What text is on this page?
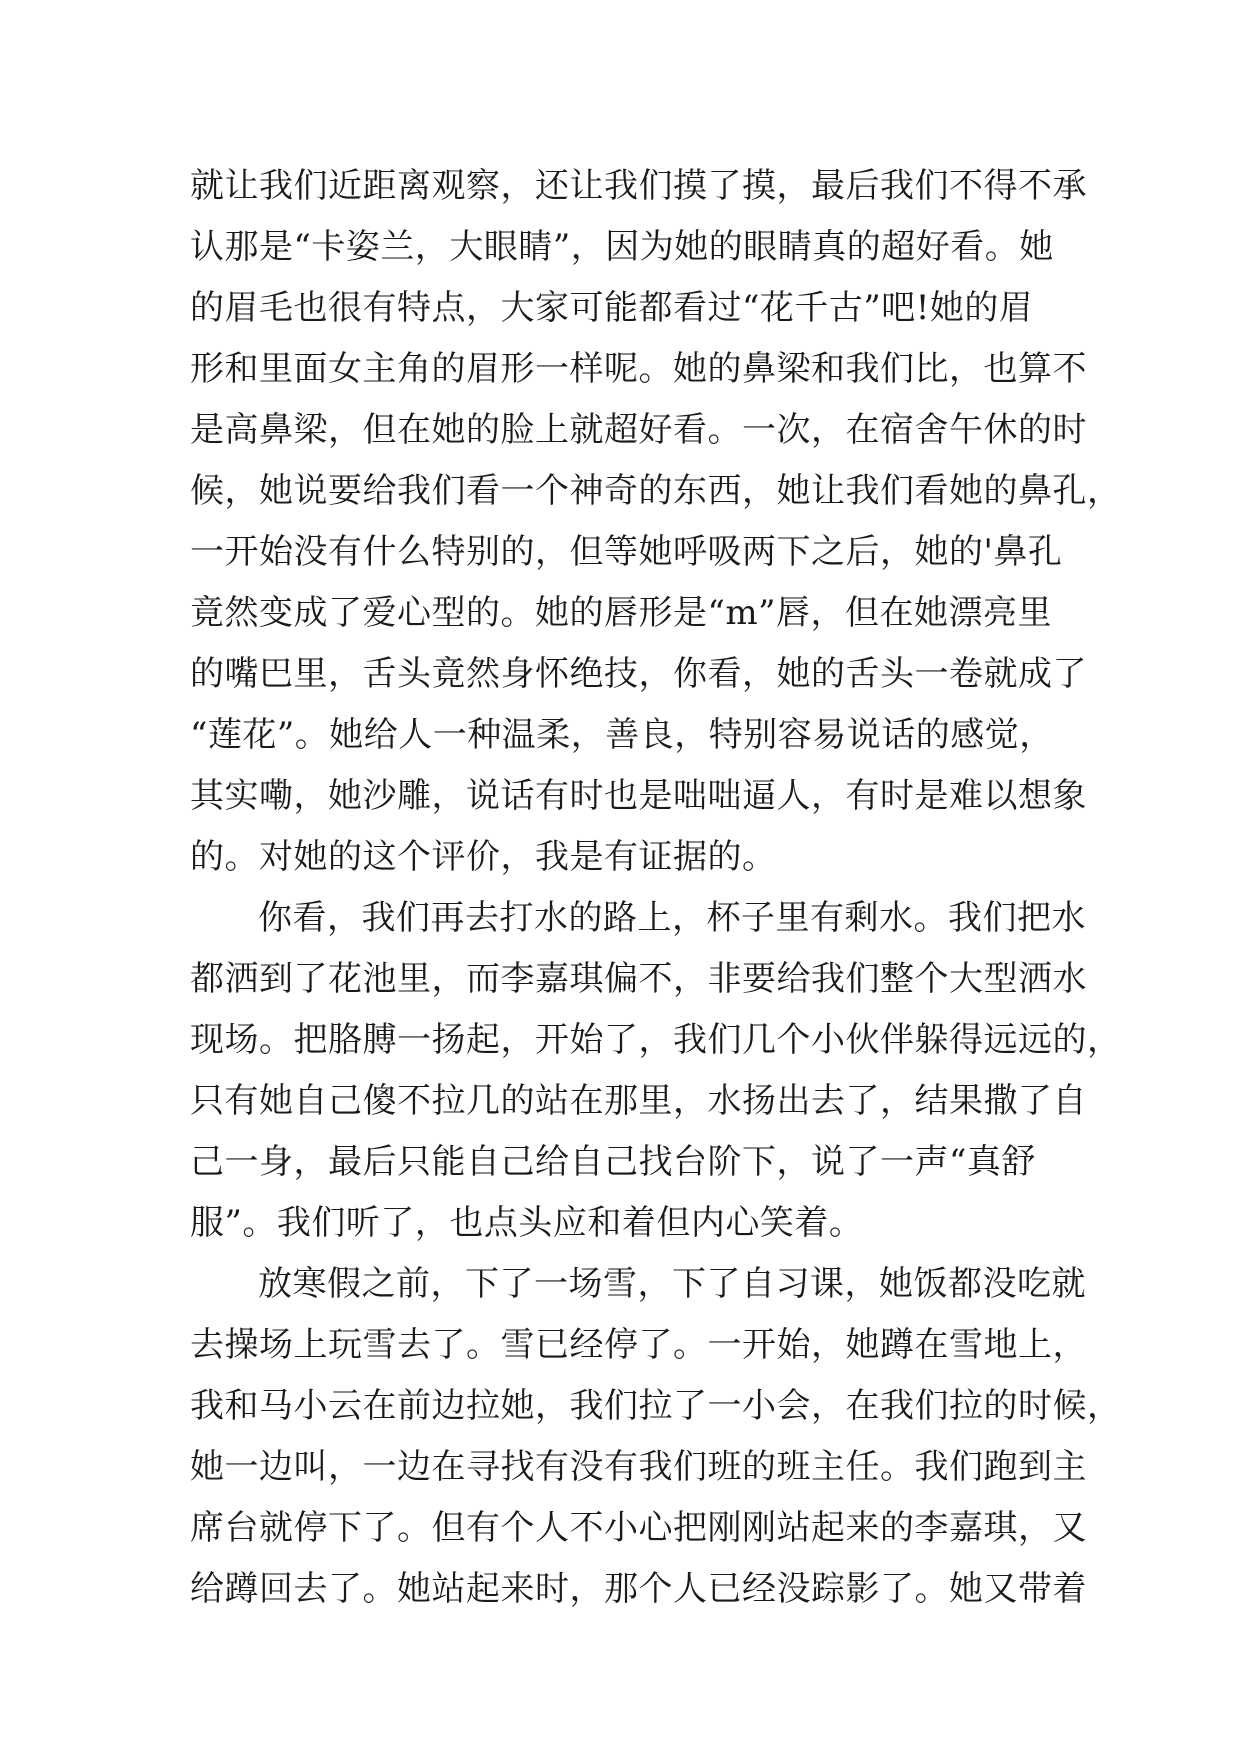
就让我们近距离观察，还让我们摸了摸，最后我们不得不承
认那是“卡姿兰，大眼睛”，因为她的眼睛真的超好看。她
的眉毛也很有特点，大家可能都看过“花千古”吧!她的眉
形和里面女主角的眉形一样呢。她的鼻梁和我们比，也算不
是高鼻梁，但在她的脸上就超好看。一次，在宿舍午休的时
候，她说要给我们看一个神奇的东西，她让我们看她的鼻孔，
一开始没有什么特别的，但等她呼吸两下之后，她的'鼻孔
竟然变成了爱心型的。她的唇形是“m”唇，但在她漂亮里
的嘴巴里，舌头竟然身怀绝技，你看，她的舌头一卷就成了
“莲花”。她给人一种温柔，善良，特别容易说话的感觉，
其实嘞，她沙雕，说话有时也是咄咄逼人，有时是难以想象
的。对她的这个评价，我是有证据的。
你看，我们再去打水的路上，杯子里有剩水。我们把水
都洒到了花池里，而李嘉琪偏不，非要给我们整个大型洒水
现场。把胳膊一扬起，开始了，我们几个小伙伴躲得远远的，
只有她自己傻不拉几的站在那里，水扬出去了，结果撒了自
己一身，最后只能自己给自己找台阶下，说了一声“真舒
服”。我们听了，也点头应和着但内心笑着。
放寒假之前，下了一场雪，下了自习课，她饭都没吃就
去操场上玩雪去了。雪已经停了。一开始，她蹲在雪地上，
我和马小云在前边拉她，我们拉了一小会，在我们拉的时候，
她一边叫，一边在寻找有没有我们班的班主任。我们跑到主
席台就停下了。但有个人不小心把刚刚站起来的李嘉琪，又
给蹲回去了。她站起来时，那个人已经没踪影了。她又带着
